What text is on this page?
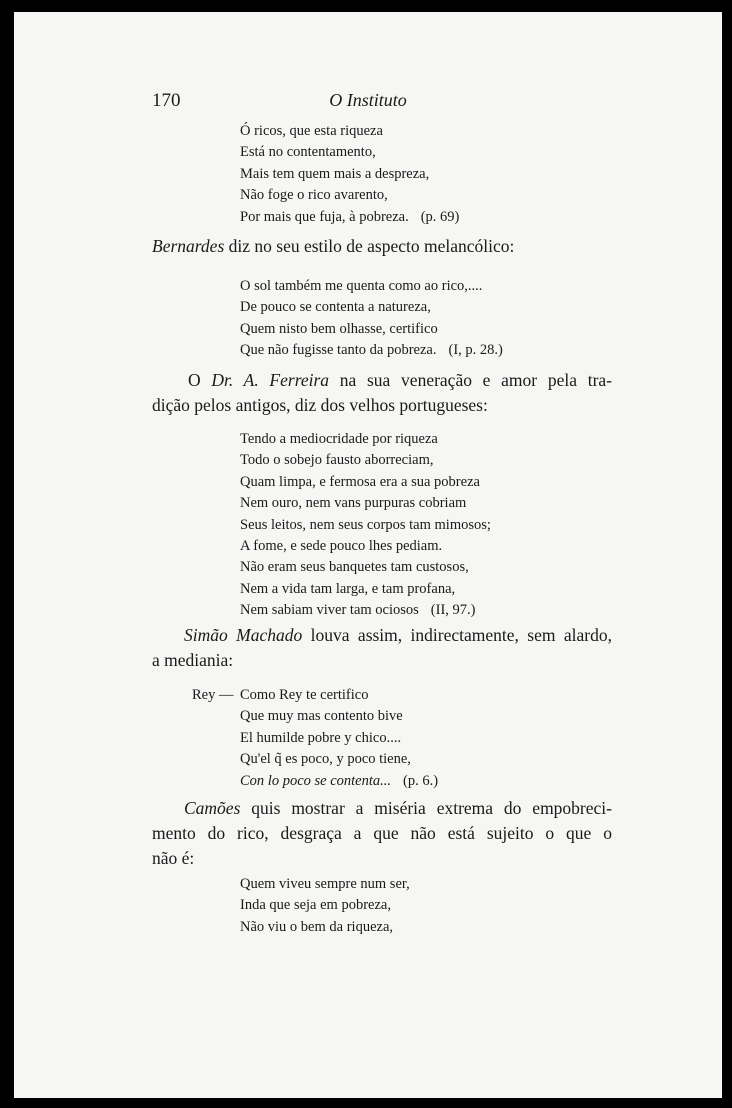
170	O Instituto
Ó ricos, que esta riqueza
Está no contentamento,
Mais tem quem mais a despreza,
Não foge o rico avarento,
Por mais que fuja, à pobreza. (p. 69)
Bernardes diz no seu estilo de aspecto melancólico:
O sol também me quenta como ao rico,....
De pouco se contenta a natureza,
Quem nisto bem olhasse, certifico
Que não fugisse tanto da pobreza. (I, p. 28.)
O Dr. A. Ferreira na sua veneração e amor pela tra-
dição pelos antigos, diz dos velhos portugueses:
Tendo a mediocridade por riqueza
Todo o sobejo fausto aborreciam,
Quam limpa, e fermosa era a sua pobreza
Nem ouro, nem vans purpuras cobriam
Seus leitos, nem seus corpos tam mimosos;
A fome, e sede pouco lhes pediam.
Não eram seus banquetes tam custosos,
Nem a vida tam larga, e tam profana,
Nem sabiam viver tam ociosos (II, 97.)
Simão Machado louva assim, indirectamente, sem alardo,
a mediania:
Rey — Como Rey te certifico
Que muy mas contento bive
El humilde pobre y chico....
Qu'el q̃ es poco, y poco tiene,
Con lo poco se contenta... (p. 6.)
Camões quis mostrar a miséria extrema do empobreci-
mento do rico, desgraça a que não está sujeito o que o
não é:
Quem viveu sempre num ser,
Inda que seja em pobreza,
Não viu o bem da riqueza,
